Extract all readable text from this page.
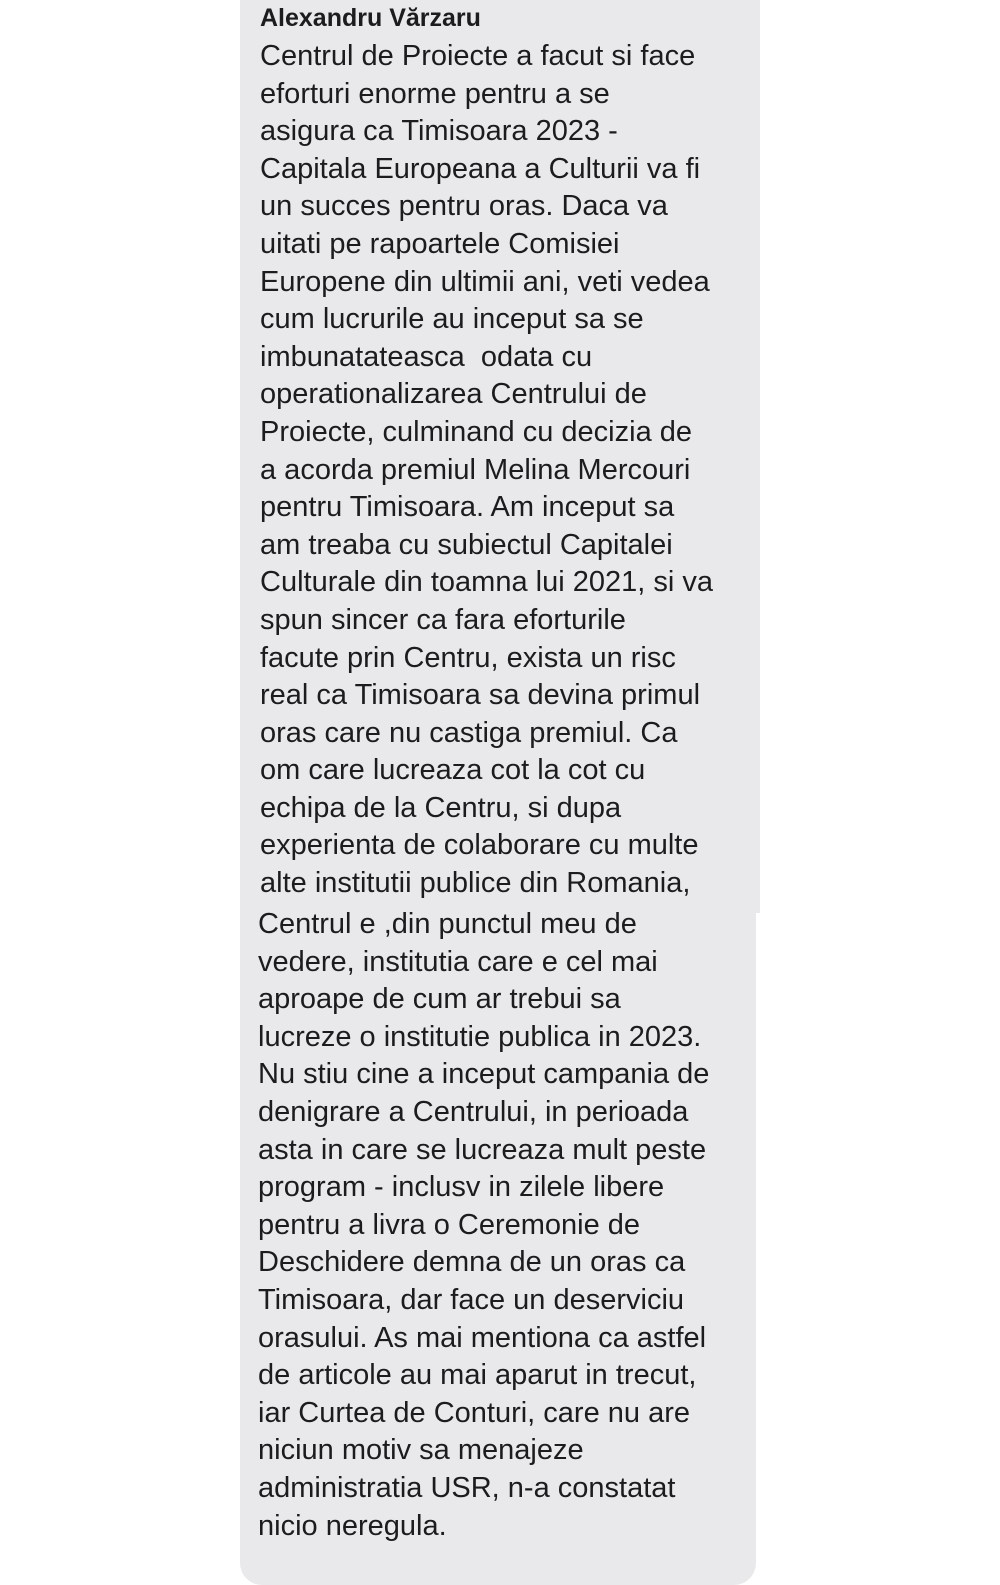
Alexandru Vărzaru

Centrul de Proiecte a facut si face
eforturi enorme pentru a se
asigura ca Timisoara 2023 -
Capitala Europeana a Culturii va fi
un succes pentru oras. Daca va
uitati pe rapoartele Comisiei
Europene din ultimii ani, veti vedea
cum lucrurile au inceput sa se
imbunatateasca  odata cu
operationalizarea Centrului de
Proiecte, culminand cu decizia de
a acorda premiul Melina Mercouri
pentru Timisoara. Am inceput sa
am treaba cu subiectul Capitalei
Culturale din toamna lui 2021, si va
spun sincer ca fara eforturile
facute prin Centru, exista un risc
real ca Timisoara sa devina primul
oras care nu castiga premiul. Ca
om care lucreaza cot la cot cu
echipa de la Centru, si dupa
experienta de colaborare cu multe
alte institutii publice din Romania,

Centrul e ,din punctul meu de
vedere, institutia care e cel mai
aproape de cum ar trebui sa
lucreze o institutie publica in 2023.
Nu stiu cine a inceput campania de
denigrare a Centrului, in perioada
asta in care se lucreaza mult peste
program - inclusv in zilele libere
pentru a livra o Ceremonie de
Deschidere demna de un oras ca
Timisoara, dar face un deserviciu
orasului. As mai mentiona ca astfel
de articole au mai aparut in trecut,
iar Curtea de Conturi, care nu are
niciun motiv sa menajeze
administratia USR, n-a constatat
nicio neregula.
